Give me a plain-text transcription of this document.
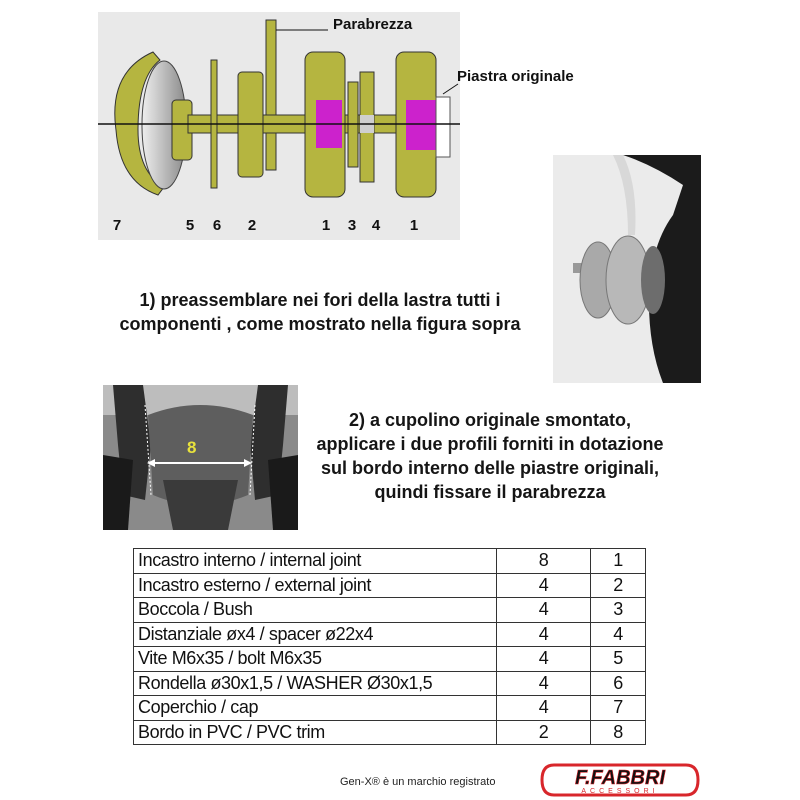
Parabrezza
Piastra originale
7	5	6	2	1	3	4	1
8
1) preassemblare nei fori della lastra tutti i componenti , come mostrato nella figura sopra
2) a cupolino originale smontato, applicare i due profili forniti in dotazione sul bordo interno delle piastre originali, quindi fissare il parabrezza
Incastro interno / internal joint	8	1
Incastro esterno / external joint	4	2
Boccola / Bush	4	3
Distanziale øx4 / spacer ø22x4	4	4
Vite M6x35 / bolt M6x35	4	5
Rondella ø30x1,5 / WASHER Ø30x1,5	4	6
Coperchio / cap	4	7
Bordo in PVC / PVC trim	2	8
Gen-X® è un marchio registrato	F.FABBRI
ACCESSORI
